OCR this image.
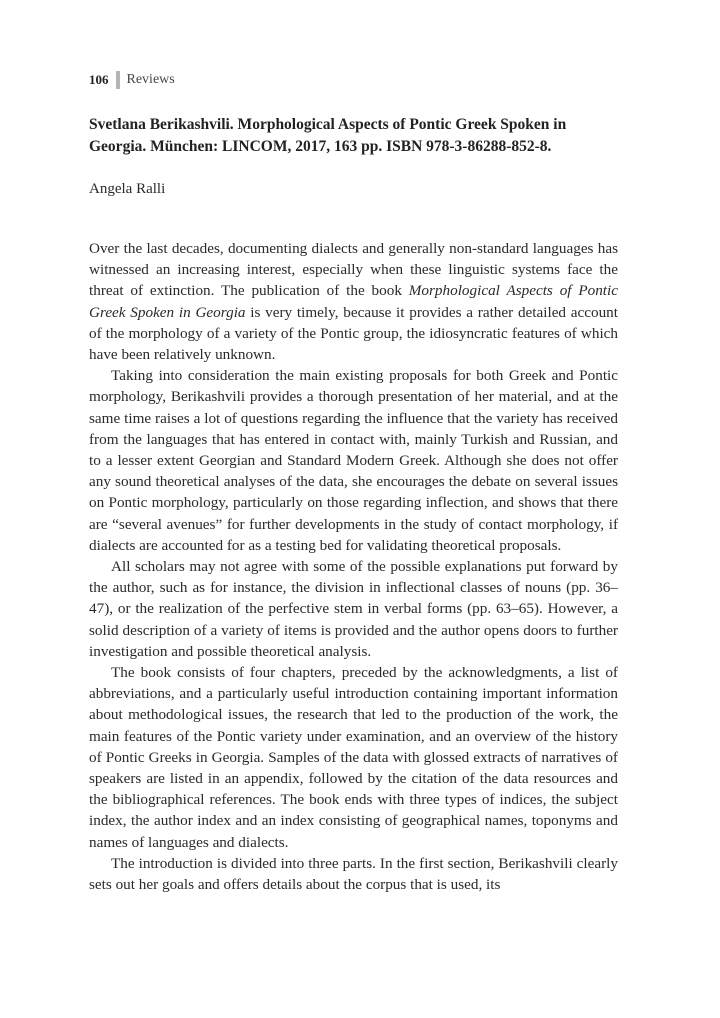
106 Reviews
Svetlana Berikashvili. Morphological Aspects of Pontic Greek Spoken in Georgia. München: LINCOM, 2017, 163 pp. ISBN 978-3-86288-852-8.
Angela Ralli

Over the last decades, documenting dialects and generally non-standard languages has witnessed an increasing interest, especially when these linguistic systems face the threat of extinction. The publication of the book Morphological Aspects of Pontic Greek Spoken in Georgia is very timely, because it provides a rather detailed account of the morphology of a variety of the Pontic group, the idiosyncratic features of which have been relatively unknown.

Taking into consideration the main existing proposals for both Greek and Pontic morphology, Berikashvili provides a thorough presentation of her material, and at the same time raises a lot of questions regarding the influence that the variety has received from the languages that has entered in contact with, mainly Turkish and Russian, and to a lesser extent Georgian and Standard Modern Greek. Although she does not offer any sound theoretical analyses of the data, she encourages the debate on several issues on Pontic morphology, particularly on those regarding inflection, and shows that there are “several avenues” for further developments in the study of contact morphology, if dialects are accounted for as a testing bed for validating theoretical proposals.

All scholars may not agree with some of the possible explanations put forward by the author, such as for instance, the division in inflectional classes of nouns (pp. 36–47), or the realization of the perfective stem in verbal forms (pp. 63–65). However, a solid description of a variety of items is provided and the author opens doors to further investigation and possible theoretical analysis.

The book consists of four chapters, preceded by the acknowledgments, a list of abbreviations, and a particularly useful introduction containing important information about methodological issues, the research that led to the production of the work, the main features of the Pontic variety under examination, and an overview of the history of Pontic Greeks in Georgia. Samples of the data with glossed extracts of narratives of speakers are listed in an appendix, followed by the citation of the data resources and the bibliographical references. The book ends with three types of indices, the subject index, the author index and an index consisting of geographical names, toponyms and names of languages and dialects.

The introduction is divided into three parts. In the first section, Berikashvili clearly sets out her goals and offers details about the corpus that is used, its
